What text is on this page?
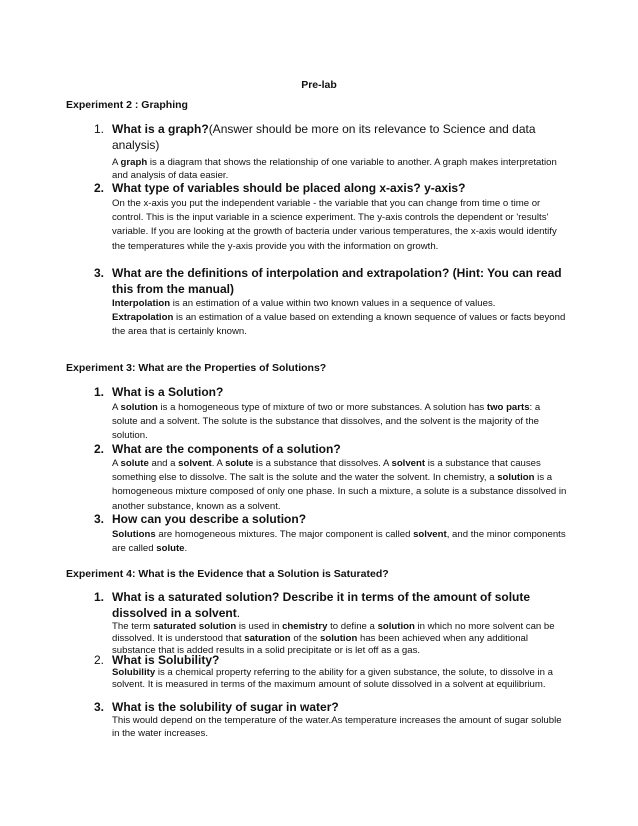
Pre-lab
Experiment 2 : Graphing
1. What is a graph?(Answer should be more on its relevance to Science and data analysis)
A graph is a diagram that shows the relationship of one variable to another. A graph makes interpretation and analysis of data easier.
2. What type of variables should be placed along x-axis? y-axis?
On the x-axis you put the independent variable - the variable that you can change from time o time or control. This is the input variable in a science experiment. The y-axis controls the dependent or 'results' variable. If you are looking at the growth of bacteria under various temperatures, the x-axis would identify the temperatures while the y-axis provide you with the information on growth.
3. What are the definitions of interpolation and extrapolation? (Hint: You can read this from the manual)
Interpolation is an estimation of a value within two known values in a sequence of values.
Extrapolation is an estimation of a value based on extending a known sequence of values or facts beyond the area that is certainly known.
Experiment 3: What are the Properties of Solutions?
1. What is a Solution?
A solution is a homogeneous type of mixture of two or more substances. A solution has two parts: a solute and a solvent. The solute is the substance that dissolves, and the solvent is the majority of the solution.
2. What are the components of a solution?
A solute and a solvent. A solute is a substance that dissolves. A solvent is a substance that causes something else to dissolve. The salt is the solute and the water the solvent. In chemistry, a solution is a homogeneous mixture composed of only one phase. In such a mixture, a solute is a substance dissolved in another substance, known as a solvent.
3. How can you describe a solution?
Solutions are homogeneous mixtures. The major component is called solvent, and the minor components are called solute.
Experiment 4: What is the Evidence that a Solution is Saturated?
1. What is a saturated solution? Describe it in terms of the amount of solute dissolved in a solvent.
The term saturated solution is used in chemistry to define a solution in which no more solvent can be dissolved. It is understood that saturation of the solution has been achieved when any additional substance that is added results in a solid precipitate or is let off as a gas.
2. What is Solubility?
Solubility is a chemical property referring to the ability for a given substance, the solute, to dissolve in a solvent. It is measured in terms of the maximum amount of solute dissolved in a solvent at equilibrium.
3. What is the solubility of sugar in water?
This would depend on the temperature of the water.As temperature increases the amount of sugar soluble in the water increases.
